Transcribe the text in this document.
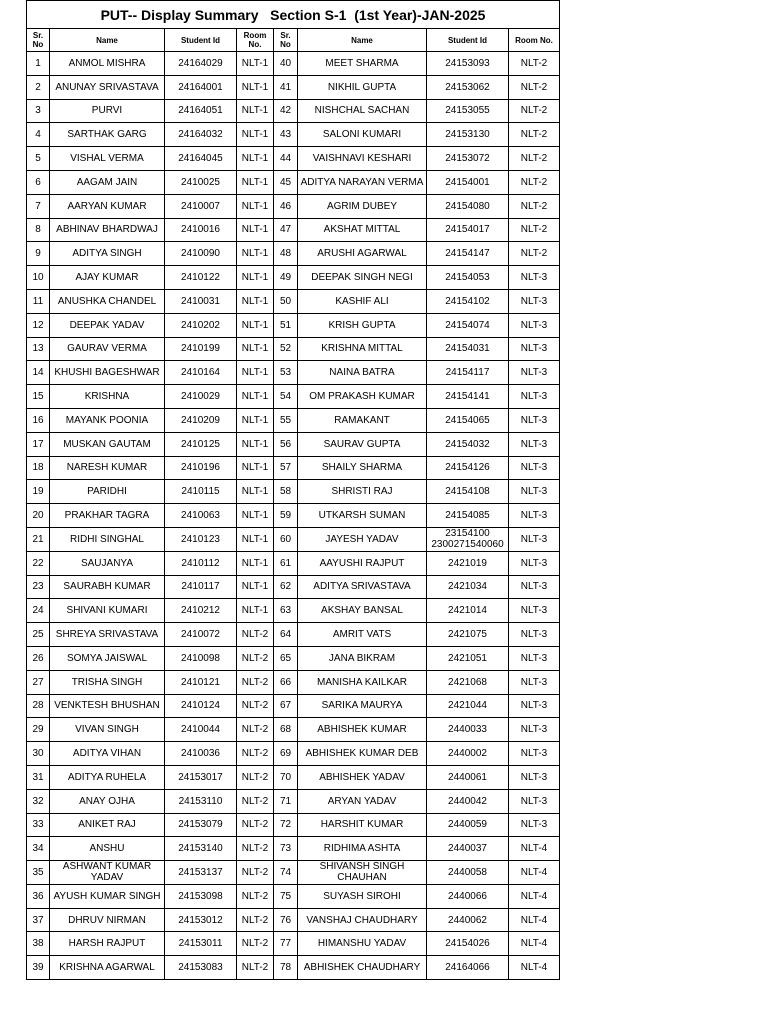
PUT-- Display Summary   Section S-1  (1st Year)-JAN-2025							
Sr. No	Name	Student Id	Room No.	Sr. No	Name	Student Id	Room No.
1	ANMOL MISHRA	24164029	NLT-1	40	MEET SHARMA	24153093	NLT-2
2	ANUNAY SRIVASTAVA	24164001	NLT-1	41	NIKHIL GUPTA	24153062	NLT-2
3	PURVI	24164051	NLT-1	42	NISHCHAL SACHAN	24153055	NLT-2
4	SARTHAK GARG	24164032	NLT-1	43	SALONI KUMARI	24153130	NLT-2
5	VISHAL VERMA	24164045	NLT-1	44	VAISHNAVI KESHARI	24153072	NLT-2
6	AAGAM JAIN	2410025	NLT-1	45	ADITYA NARAYAN VERMA	24154001	NLT-2
7	AARYAN KUMAR	2410007	NLT-1	46	AGRIM DUBEY	24154080	NLT-2
8	ABHINAV BHARDWAJ	2410016	NLT-1	47	AKSHAT MITTAL	24154017	NLT-2
9	ADITYA SINGH	2410090	NLT-1	48	ARUSHI AGARWAL	24154147	NLT-2
10	AJAY KUMAR	2410122	NLT-1	49	DEEPAK SINGH NEGI	24154053	NLT-3
11	ANUSHKA CHANDEL	2410031	NLT-1	50	KASHIF ALI	24154102	NLT-3
12	DEEPAK YADAV	2410202	NLT-1	51	KRISH GUPTA	24154074	NLT-3
13	GAURAV VERMA	2410199	NLT-1	52	KRISHNA MITTAL	24154031	NLT-3
14	KHUSHI BAGESHWAR	2410164	NLT-1	53	NAINA BATRA	24154117	NLT-3
15	KRISHNA	2410029	NLT-1	54	OM PRAKASH KUMAR	24154141	NLT-3
16	MAYANK POONIA	2410209	NLT-1	55	RAMAKANT	24154065	NLT-3
17	MUSKAN GAUTAM	2410125	NLT-1	56	SAURAV GUPTA	24154032	NLT-3
18	NARESH KUMAR	2410196	NLT-1	57	SHAILY SHARMA	24154126	NLT-3
19	PARIDHI	2410115	NLT-1	58	SHRISTI RAJ	24154108	NLT-3
20	PRAKHAR TAGRA	2410063	NLT-1	59	UTKARSH SUMAN	24154085	NLT-3
21	RIDHI SINGHAL	2410123	NLT-1	60	JAYESH YADAV	23154100
2300271540060	NLT-3
22	SAUJANYA	2410112	NLT-1	61	AAYUSHI RAJPUT	2421019	NLT-3
23	SAURABH KUMAR	2410117	NLT-1	62	ADITYA SRIVASTAVA	2421034	NLT-3
24	SHIVANI KUMARI	2410212	NLT-1	63	AKSHAY BANSAL	2421014	NLT-3
25	SHREYA SRIVASTAVA	2410072	NLT-2	64	AMRIT VATS	2421075	NLT-3
26	SOMYA JAISWAL	2410098	NLT-2	65	JANA BIKRAM	2421051	NLT-3
27	TRISHA SINGH	2410121	NLT-2	66	MANISHA KAILKAR	2421068	NLT-3
28	VENKTESH BHUSHAN	2410124	NLT-2	67	SARIKA MAURYA	2421044	NLT-3
29	VIVAN SINGH	2410044	NLT-2	68	ABHISHEK KUMAR	2440033	NLT-3
30	ADITYA VIHAN	2410036	NLT-2	69	ABHISHEK KUMAR DEB	2440002	NLT-3
31	ADITYA RUHELA	24153017	NLT-2	70	ABHISHEK YADAV	2440061	NLT-3
32	ANAY OJHA	24153110	NLT-2	71	ARYAN YADAV	2440042	NLT-3
33	ANIKET RAJ	24153079	NLT-2	72	HARSHIT KUMAR	2440059	NLT-3
34	ANSHU	24153140	NLT-2	73	RIDHIMA ASHTA	2440037	NLT-4
35	ASHWANT KUMAR YADAV	24153137	NLT-2	74	SHIVANSH SINGH CHAUHAN	2440058	NLT-4
36	AYUSH KUMAR SINGH	24153098	NLT-2	75	SUYASH SIROHI	2440066	NLT-4
37	DHRUV NIRMAN	24153012	NLT-2	76	VANSHAJ CHAUDHARY	2440062	NLT-4
38	HARSH RAJPUT	24153011	NLT-2	77	HIMANSHU YADAV	24154026	NLT-4
39	KRISHNA AGARWAL	24153083	NLT-2	78	ABHISHEK CHAUDHARY	24164066	NLT-4
